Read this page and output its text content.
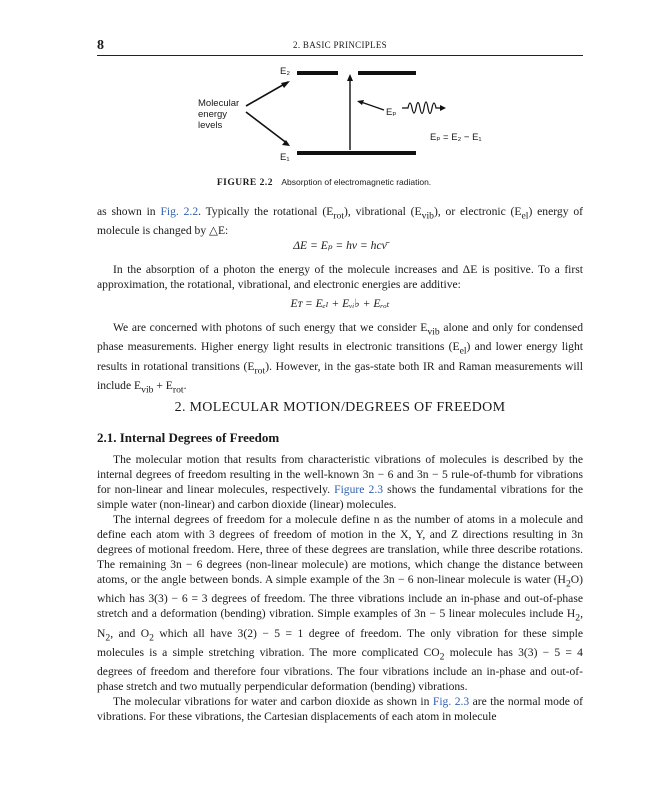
8	2. BASIC PRINCIPLES
E₂
E₁
Molecular
energy
levels
Eₚ
Eₚ = E₂ − E₁
FIGURE 2.2 Absorption of electromagnetic radiation.

as shown in Fig. 2.2. Typically the rotational $(E_{rot})$, vibrational $(E_{vib})$, or electronic $(E_{el})$ energy of molecule is changed by △E:

ΔE = Eₚ = hν = hcν̄

In the absorption of a photon the energy of the molecule increases and ΔE is positive. To a first approximation, the rotational, vibrational, and electronic energies are additive:

Eᴛ = Eₑₗ + Eᵥᵢ♭ + Eᵣₒₜ

We are concerned with photons of such energy that we consider $E_{vib}$ alone and only for condensed phase measurements. Higher energy light results in electronic transitions $(E_{el})$ and lower energy light results in rotational transitions $(E_{rot})$. However, in the gas-state both IR and Raman measurements will include $E_{vib} + E_{rot}$.

2. MOLECULAR MOTION/DEGREES OF FREEDOM
2.1. Internal Degrees of Freedom

The molecular motion that results from characteristic vibrations of molecules is described by the internal degrees of freedom resulting in the well-known 3n − 6 and 3n − 5 rule-of-thumb for vibrations for non-linear and linear molecules, respectively. Figure 2.3 shows the fundamental vibrations for the simple water (non-linear) and carbon dioxide (linear) molecules.

The internal degrees of freedom for a molecule define n as the number of atoms in a molecule and define each atom with 3 degrees of freedom of motion in the X, Y, and Z directions resulting in 3n degrees of motional freedom. Here, three of these degrees are translation, while three describe rotations. The remaining 3n − 6 degrees (non-linear molecule) are motions, which change the distance between atoms, or the angle between bonds. A simple example of the 3n − 6 non-linear molecule is water $(H_2O)$ which has 3(3) − 6 = 3 degrees of freedom. The three vibrations include an in-phase and out-of-phase stretch and a deformation (bending) vibration. Simple examples of 3n − 5 linear molecules include $H_2$, $N_2$, and $O_2$ which all have 3(2) − 5 = 1 degree of freedom. The only vibration for these simple molecules is a simple stretching vibration. The more complicated $CO_2$ molecule has 3(3) − 5 = 4 degrees of freedom and therefore four vibrations. The four vibrations include an in-phase and out-of-phase stretch and two mutually perpendicular deformation (bending) vibrations.

The molecular vibrations for water and carbon dioxide as shown in Fig. 2.3 are the normal mode of vibrations. For these vibrations, the Cartesian displacements of each atom in molecule
